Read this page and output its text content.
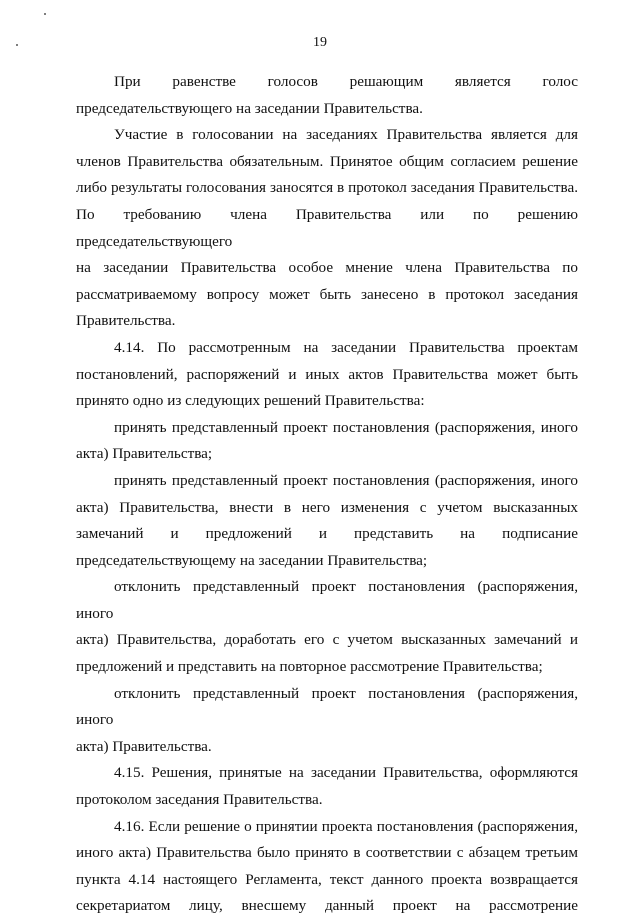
19

При равенстве голосов решающим является голос
председательствующего на заседании Правительства.

Участие в голосовании на заседаниях Правительства является для
членов Правительства обязательным. Принятое общим согласием решение
либо результаты голосования заносятся в протокол заседания Правительства.
По требованию члена Правительства или по решению председательствующего
на заседании Правительства особое мнение члена Правительства по
рассматриваемому вопросу может быть занесено в протокол заседания
Правительства.

4.14. По рассмотренным на заседании Правительства проектам
постановлений, распоряжений и иных актов Правительства может быть
принято одно из следующих решений Правительства:

принять представленный проект постановления (распоряжения, иного
акта) Правительства;

принять представленный проект постановления (распоряжения, иного
акта) Правительства, внести в него изменения с учетом высказанных
замечаний и предложений и представить на подписание
председательствующему на заседании Правительства;

отклонить представленный проект постановления (распоряжения, иного
акта) Правительства, доработать его с учетом высказанных замечаний и
предложений и представить на повторное рассмотрение Правительства;

отклонить представленный проект постановления (распоряжения, иного
акта) Правительства.

4.15. Решения, принятые на заседании Правительства, оформляются
протоколом заседания Правительства.

4.16. Если решение о принятии проекта постановления (распоряжения,
иного акта) Правительства было принято в соответствии с абзацем третьим
пункта 4.14 настоящего Регламента, текст данного проекта возвращается
секретариатом лицу, внесшему данный проект на рассмотрение
